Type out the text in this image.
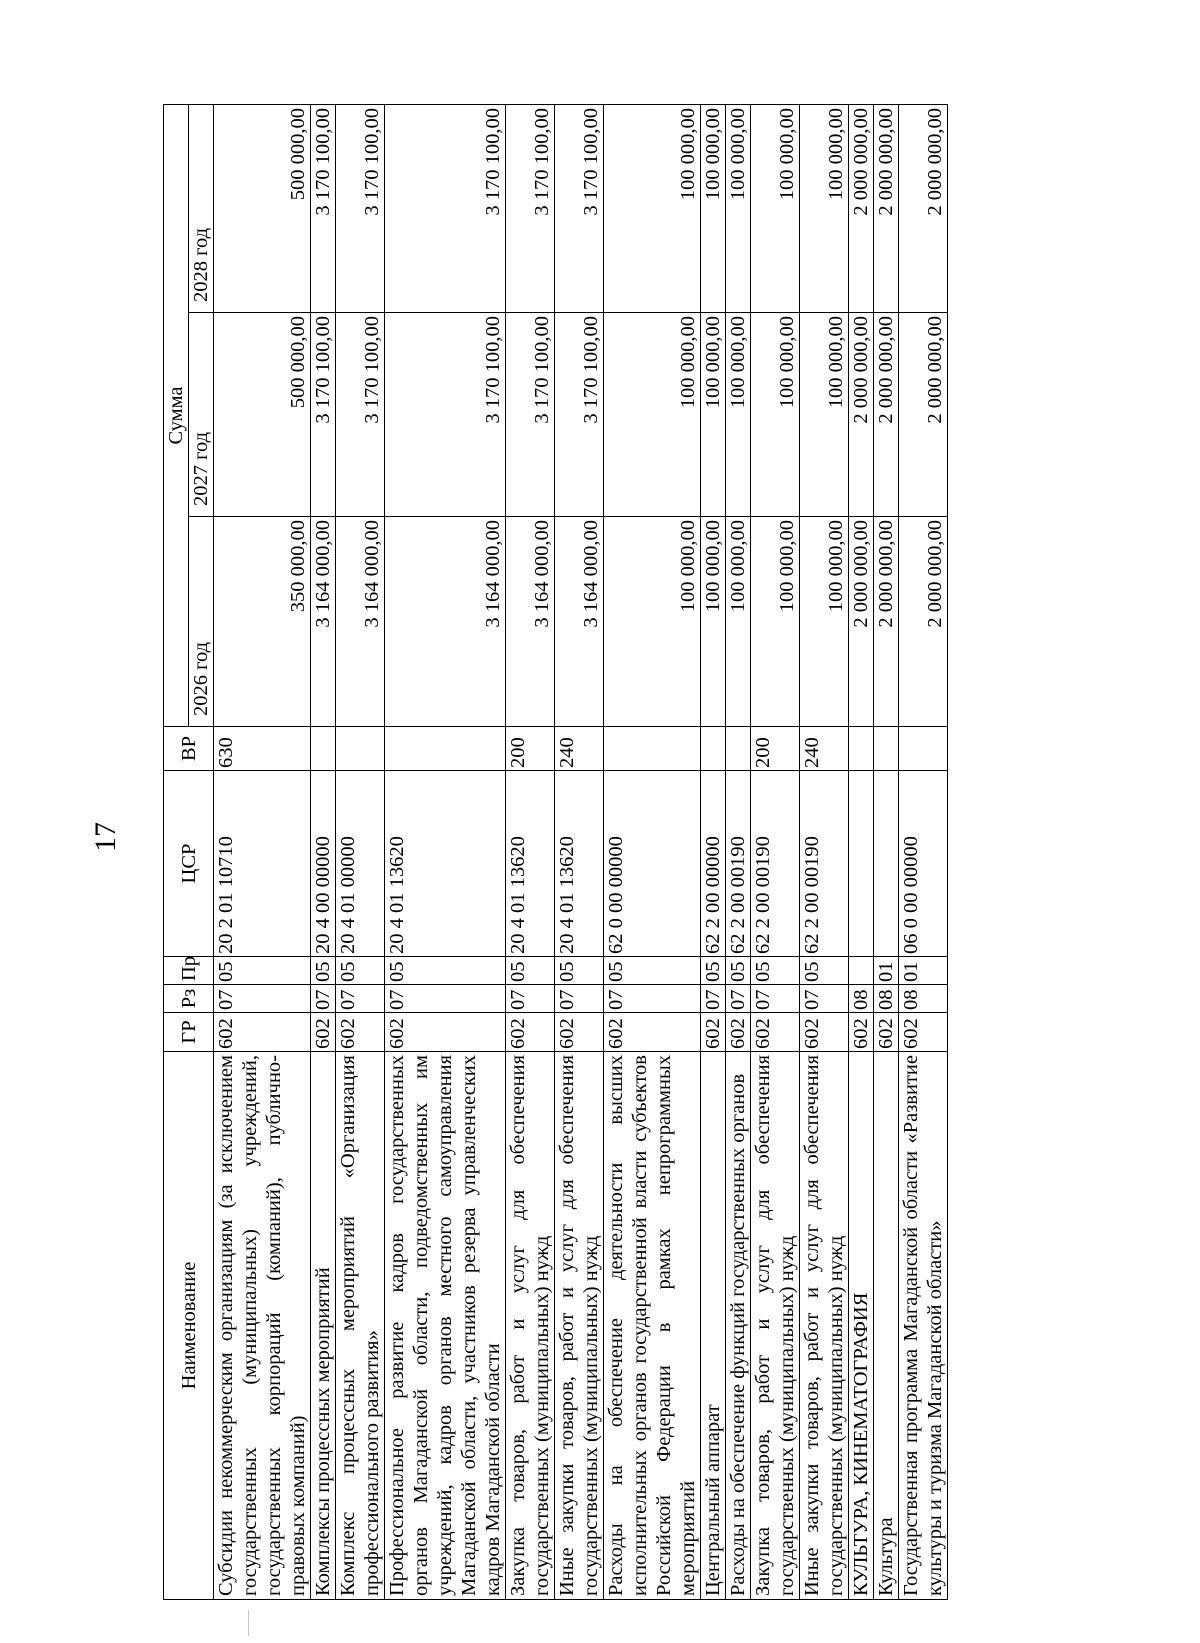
17
Наименование	ГР	Рз	Пр	ЦСР	ВР	Сумма		
						2026 год	2027 год	2028 год
Субсидии некоммерческим организациям (за исключением государственных (муниципальных) учреждений, государственных корпораций (компаний), публично-правовых компаний)	602	07	05	20 2 01 10710	630	350 000,00	500 000,00	500 000,00
Комплексы процессных мероприятий	602	07	05	20 4 00 00000		3 164 000,00	3 170 100,00	3 170 100,00
Комплекс процессных мероприятий «Организация профессионального развития»	602	07	05	20 4 01 00000		3 164 000,00	3 170 100,00	3 170 100,00
Профессиональное развитие кадров государственных органов Магаданской области, подведомственных им учреждений, кадров органов местного самоуправления Магаданской области, участников резерва управленческих кадров Магаданской области	602	07	05	20 4 01 13620		3 164 000,00	3 170 100,00	3 170 100,00
Закупка товаров, работ и услуг для обеспечения государственных (муниципальных) нужд	602	07	05	20 4 01 13620	200	3 164 000,00	3 170 100,00	3 170 100,00
Иные закупки товаров, работ и услуг для обеспечения государственных (муниципальных) нужд	602	07	05	20 4 01 13620	240	3 164 000,00	3 170 100,00	3 170 100,00
Расходы на обеспечение деятельности высших исполнительных органов государственной власти субъектов Российской Федерации в рамках непрограммных мероприятий	602	07	05	62 0 00 00000		100 000,00	100 000,00	100 000,00
Центральный аппарат	602	07	05	62 2 00 00000		100 000,00	100 000,00	100 000,00
Расходы на обеспечение функций государственных органов	602	07	05	62 2 00 00190		100 000,00	100 000,00	100 000,00
Закупка товаров, работ и услуг для обеспечения государственных (муниципальных) нужд	602	07	05	62 2 00 00190	200	100 000,00	100 000,00	100 000,00
Иные закупки товаров, работ и услуг для обеспечения государственных (муниципальных) нужд	602	07	05	62 2 00 00190	240	100 000,00	100 000,00	100 000,00
КУЛЬТУРА, КИНЕМАТОГРАФИЯ	602	08				2 000 000,00	2 000 000,00	2 000 000,00
Культура	602	08	01			2 000 000,00	2 000 000,00	2 000 000,00
Государственная программа Магаданской области «Развитие культуры и туризма Магаданской области»	602	08	01	06 0 00 00000		2 000 000,00	2 000 000,00	2 000 000,00
